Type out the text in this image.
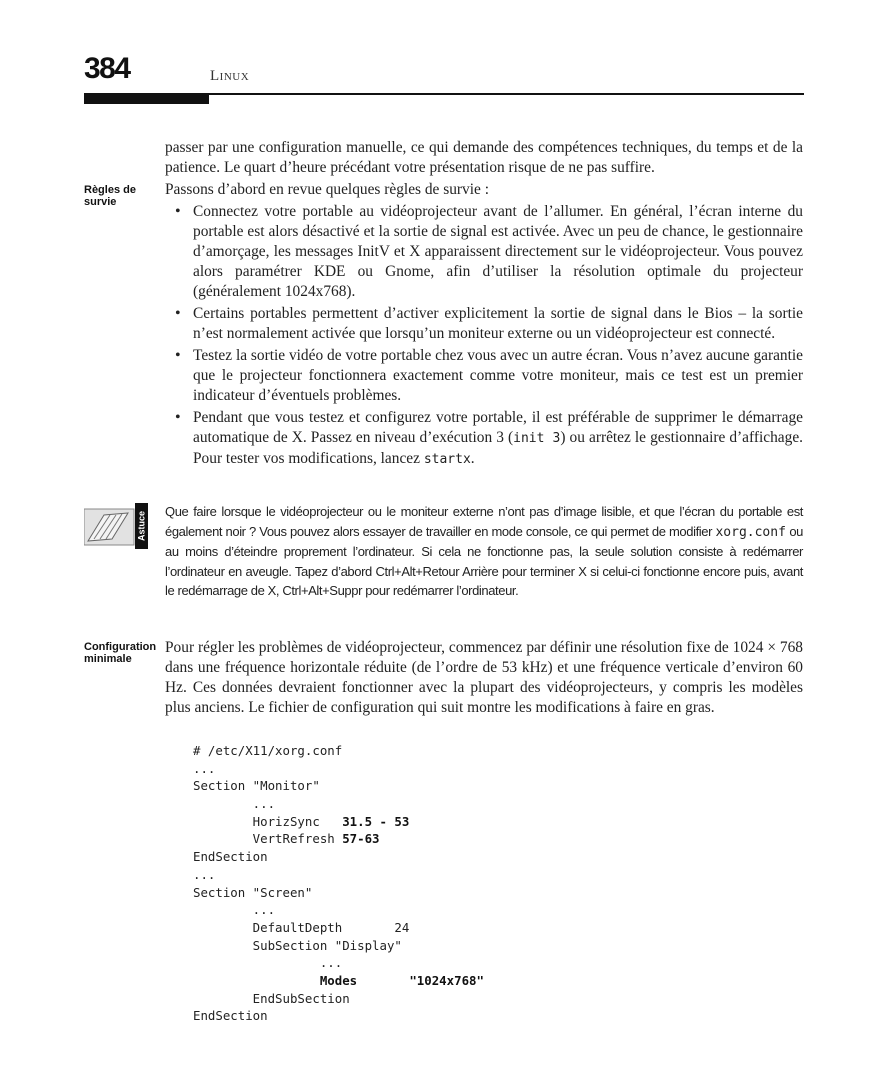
384	Linux

passer par une configuration manuelle, ce qui demande des compétences techniques, du temps et de la patience. Le quart d’heure précédant votre présentation risque de ne pas suffire.

Règles de survie

Passons d’abord en revue quelques règles de survie :

• Connectez votre portable au vidéoprojecteur avant de l’allumer. En général, l’écran interne du portable est alors désactivé et la sortie de signal est activée. Avec un peu de chance, le gestionnaire d’amorçage, les messages InitV et X apparaissent directement sur le vidéoprojecteur. Vous pouvez alors paramétrer KDE ou Gnome, afin d’utiliser la résolution optimale du projecteur (généralement 1024x768).
• Certains portables permettent d’activer explicitement la sortie de signal dans le Bios – la sortie n’est normalement activée que lorsqu’un moniteur externe ou un vidéoprojecteur est connecté.
• Testez la sortie vidéo de votre portable chez vous avec un autre écran. Vous n’avez aucune garantie que le projecteur fonctionnera exactement comme votre moniteur, mais ce test est un premier indicateur d’éventuels problèmes.
• Pendant que vous testez et configurez votre portable, il est préférable de supprimer le démarrage automatique de X. Passez en niveau d’exécution 3 (init 3) ou arrêtez le gestionnaire d’affichage. Pour tester vos modifications, lancez startx.
Astuce Que faire lorsque le vidéoprojecteur ou le moniteur externe n’ont pas d’image lisible, et que l’écran du portable est également noir ? Vous pouvez alors essayer de travailler en mode console, ce qui permet de modifier xorg.conf ou au moins d’éteindre proprement l’ordinateur. Si cela ne fonctionne pas, la seule solution consiste à redémarrer l’ordinateur en aveugle. Tapez d’abord Ctrl+Alt+Retour Arrière pour terminer X si celui-ci fonctionne encore puis, avant le redémarrage de X, Ctrl+Alt+Suppr pour redémarrer l’ordinateur.
Configuration minimale

Pour régler les problèmes de vidéoprojecteur, commencez par définir une résolution fixe de 1024 × 768 dans une fréquence horizontale réduite (de l’ordre de 53 kHz) et une fréquence verticale d’environ 60 Hz. Ces données devraient fonctionner avec la plupart des vidéoprojecteurs, y compris les modèles plus anciens. Le fichier de configuration qui suit montre les modifications à faire en gras.

# /etc/X11/xorg.conf
...
Section "Monitor"
...
HorizSync   31.5 - 53
VertRefresh 57-63
EndSection
...
Section "Screen"
...
DefaultDepth       24
SubSection "Display"
...
Modes       "1024x768"
EndSubSection
EndSection
